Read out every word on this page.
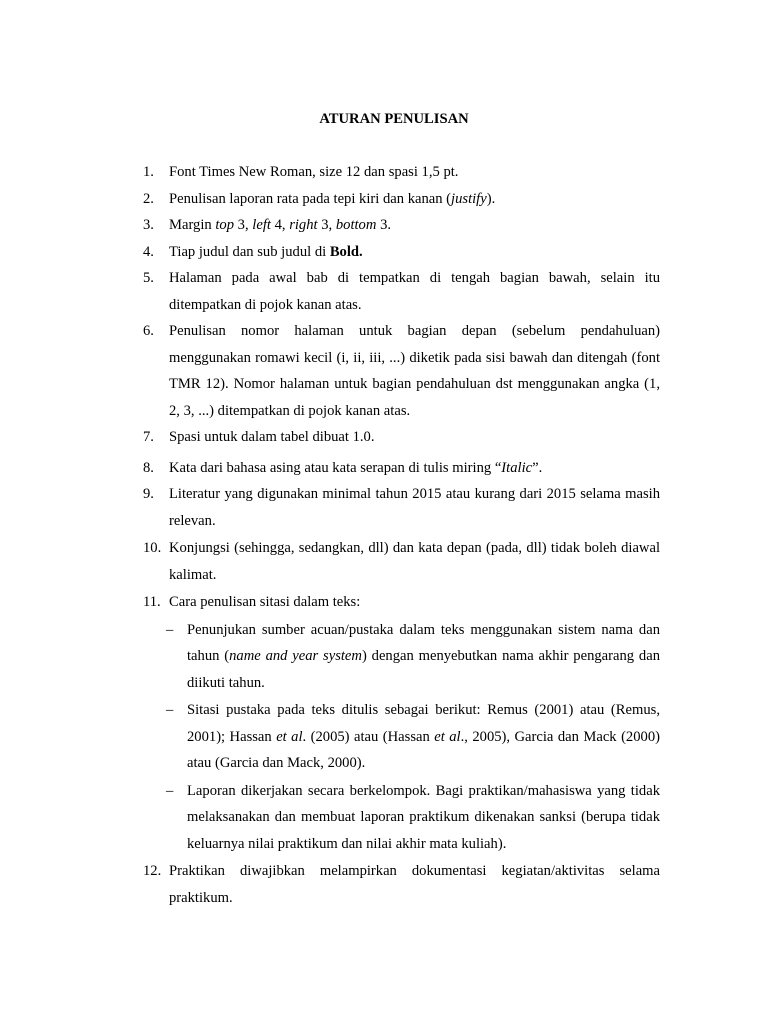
ATURAN PENULISAN
1. Font Times New Roman, size 12 dan spasi 1,5 pt.
2. Penulisan laporan rata pada tepi kiri dan kanan (justify).
3. Margin top 3, left 4, right 3, bottom 3.
4. Tiap judul dan sub judul di Bold.
5. Halaman pada awal bab di tempatkan di tengah bagian bawah, selain itu ditempatkan di pojok kanan atas.
6. Penulisan nomor halaman untuk bagian depan (sebelum pendahuluan) menggunakan romawi kecil (i, ii, iii, ...) diketik pada sisi bawah dan ditengah (font TMR 12). Nomor halaman untuk bagian pendahuluan dst menggunakan angka (1, 2, 3, ...) ditempatkan di pojok kanan atas.
7. Spasi untuk dalam tabel dibuat 1.0.
8. Kata dari bahasa asing atau kata serapan di tulis miring “Italic”.
9. Literatur yang digunakan minimal tahun 2015 atau kurang dari 2015 selama masih relevan.
10. Konjungsi (sehingga, sedangkan, dll) dan kata depan (pada, dll) tidak boleh diawal kalimat.
11. Cara penulisan sitasi dalam teks:
– Penunjukan sumber acuan/pustaka dalam teks menggunakan sistem nama dan tahun (name and year system) dengan menyebutkan nama akhir pengarang dan diikuti tahun.
– Sitasi pustaka pada teks ditulis sebagai berikut: Remus (2001) atau (Remus, 2001); Hassan et al. (2005) atau (Hassan et al., 2005), Garcia dan Mack (2000) atau (Garcia dan Mack, 2000).
– Laporan dikerjakan secara berkelompok. Bagi praktikan/mahasiswa yang tidak melaksanakan dan membuat laporan praktikum dikenakan sanksi (berupa tidak keluarnya nilai praktikum dan nilai akhir mata kuliah).
12. Praktikan diwajibkan melampirkan dokumentasi kegiatan/aktivitas selama praktikum.
